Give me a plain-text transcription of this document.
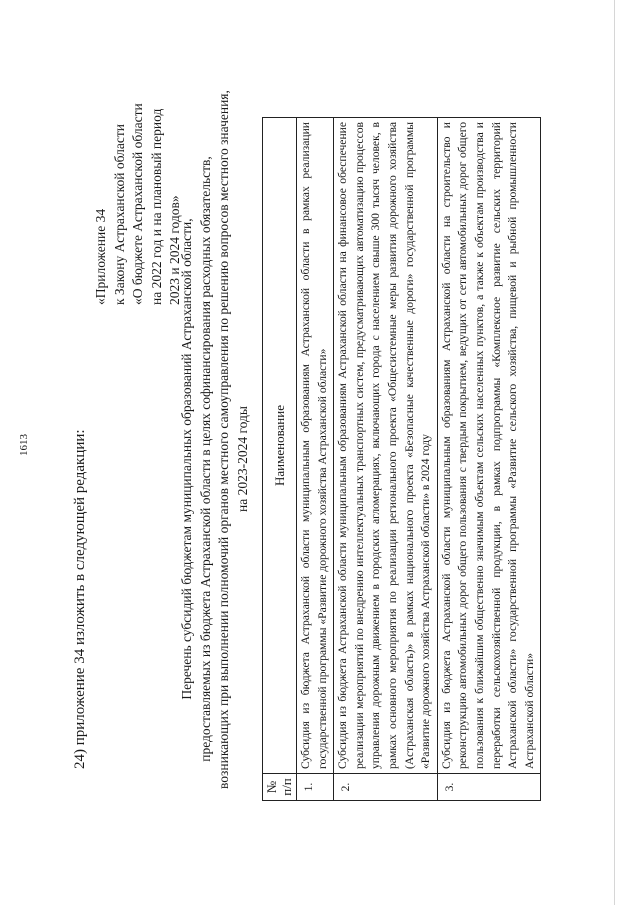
1613	24) приложение 34 изложить в следующей редакции:
«Приложение 34 к Закону Астраханской области «О бюджете Астраханской области на 2022 год и на плановый период 2023 и 2024 годов»
Перечень субсидий бюджетам муниципальных образований Астраханской области, предоставляемых из бюджета Астраханской области в целях софинансирования расходных обязательств, возникающих при выполнении полномочий органов местного самоуправления по решению вопросов местного значения, на 2023-2024 годы
№ п/п	Наименование
1.	Субсидия из бюджета Астраханской области муниципальным образованиям Астраханской области в рамках реализации государственной программы «Развитие дорожного хозяйства Астраханской области»
2.	Субсидия из бюджета Астраханской области муниципальным образованиям Астраханской области на финансовое обеспечение реализации мероприятий по внедрению интеллектуальных транспортных систем, предусматривающих автоматизацию процессов управления дорожным движением в городских агломерациях, включающих города с населением свыше 300 тысяч человек, в рамках основного мероприятия по реализации регионального проекта «Общесистемные меры развития дорожного хозяйства (Астраханская область)» в рамках национального проекта «Безопасные качественные дороги» государственной программы «Развитие дорожного хозяйства Астраханской области» в 2024 году
3.	Субсидия из бюджета Астраханской области муниципальным образованиям Астраханской области на строительство и реконструкцию автомобильных дорог общего пользования с твердым покрытием, ведущих от сети автомобильных дорог общего пользования к ближайшим общественно значимым объектам сельских населенных пунктов, а также к объектам производства и переработки сельскохозяйственной продукции, в рамках подпрограммы «Комплексное развитие сельских территорий Астраханской области» государственной программы «Развитие сельского хозяйства, пищевой и рыбной промышленности Астраханской области»
